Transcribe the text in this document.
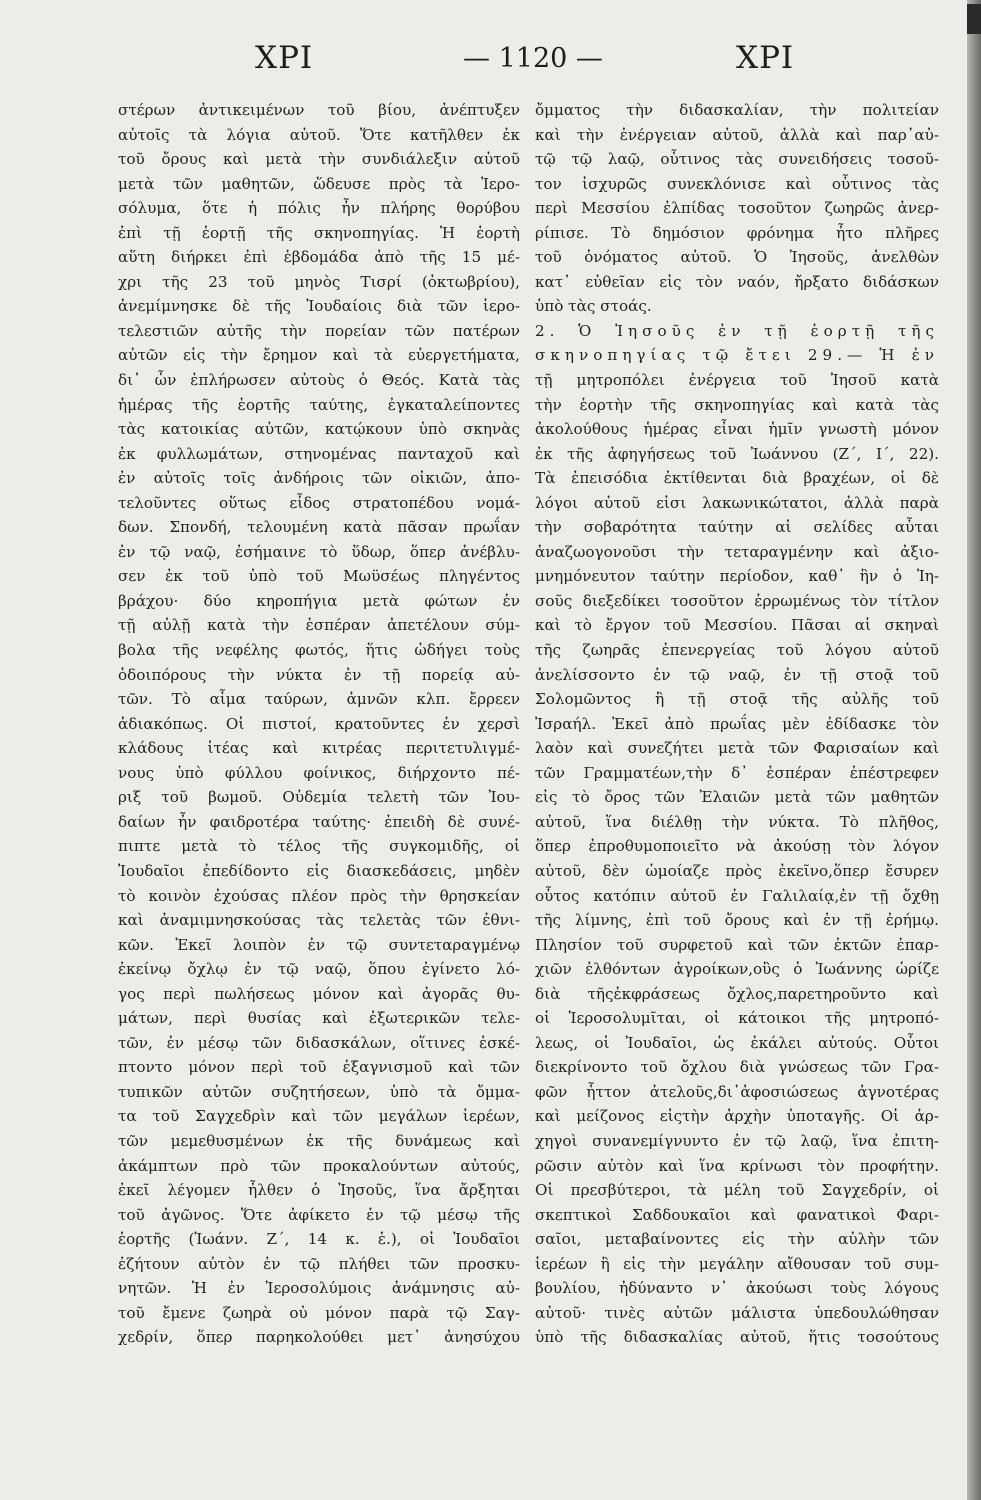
ΧΡΙ	— 1120 —	ΧΡΙ
στέρων ἀντικειμένων τοῦ βίου, ἀνέπτυξεν
αὐτοῖς τὰ λόγια αὐτοῦ. Ὅτε κατῆλθεν ἐκ
τοῦ ὄρους καὶ μετὰ τὴν συνδιάλεξιν αὐτοῦ
μετὰ τῶν μαθητῶν, ὥδευσε πρὸς τὰ Ἱερο-
σόλυμα, ὅτε ἡ πόλις ἦν πλήρης θορύβου
ἐπὶ τῇ ἑορτῇ τῆς σκηνοπηγίας. Ἡ ἑορτὴ
αὕτη διήρκει ἐπὶ ἑβδομάδα ἀπὸ τῆς 15 μέ-
χρι τῆς 23 τοῦ μηνὸς Τισρί (ὀκτωβρίου),
ἀνεμίμνησκε δὲ τῆς Ἰουδαίοις διὰ τῶν ἱερο-
τελεστιῶν αὐτῆς τὴν πορείαν τῶν πατέρων
αὐτῶν εἰς τὴν ἔρημον καὶ τὰ εὐεργετήματα,
δι᾿ ὧν ἐπλήρωσεν αὐτοὺς ὁ Θεός. Κατὰ τὰς
ἡμέρας τῆς ἑορτῆς ταύτης, ἐγκαταλείποντες
τὰς κατοικίας αὐτῶν, κατῴκουν ὑπὸ σκηνὰς
ἐκ φυλλωμάτων, στηνομένας πανταχοῦ καὶ
ἐν αὐτοῖς τοῖς ἀνδήροις τῶν οἰκιῶν, ἀπο-
τελοῦντες οὕτως εἶδος στρατοπέδου νομά-
δων. Σπονδή, τελουμένη κατὰ πᾶσαν πρωΐαν
ἐν τῷ ναῷ, ἐσήμαινε τὸ ὕδωρ, ὅπερ ἀνέβλυ-
σεν ἐκ τοῦ ὑπὸ τοῦ Μωϋσέως πληγέντος
βράχου· δύο κηροπήγια μετὰ φώτων ἐν
τῇ αὐλῇ κατὰ τὴν ἑσπέραν ἀπετέλουν σύμ-
βολα τῆς νεφέλης φωτός, ἥτις ὡδήγει τοὺς
ὁδοιπόρους τὴν νύκτα ἐν τῇ πορείᾳ αὐ-
τῶν. Τὸ αἷμα ταύρων, ἀμνῶν κλπ. ἔρρεεν
ἀδιακόπως. Οἱ πιστοί, κρατοῦντες ἐν χερσὶ
κλάδους ἰτέας καὶ κιτρέας περιτετυλιγμέ-
νους ὑπὸ φύλλου φοίνικος, διήρχοντο πέ-
ριξ τοῦ βωμοῦ. Οὐδεμία τελετὴ τῶν Ἰου-
δαίων ἦν φαιδροτέρα ταύτης· ἐπειδὴ δὲ συνέ-
πιπτε μετὰ τὸ τέλος τῆς συγκομιδῆς, οἱ
Ἰουδαῖοι ἐπεδίδοντο εἰς διασκεδάσεις, μηδὲν
τὸ κοινὸν ἐχούσας πλέον πρὸς τὴν θρησκείαν
καὶ ἀναμιμνησκούσας τὰς τελετὰς τῶν ἐθνι-
κῶν. Ἐκεῖ λοιπὸν ἐν τῷ συντεταραγμένῳ
ἐκείνῳ ὄχλῳ ἐν τῷ ναῷ, ὅπου ἐγίνετο λό-
γος περὶ πωλήσεως μόνον καὶ ἀγορᾶς θυ-
μάτων, περὶ θυσίας καὶ ἐξωτερικῶν τελε-
τῶν, ἐν μέσῳ τῶν διδασκάλων, οἵτινες ἐσκέ-
πτοντο μόνον περὶ τοῦ ἐξαγνισμοῦ καὶ τῶν
τυπικῶν αὐτῶν συζητήσεων, ὑπὸ τὰ ὄμμα-
τα τοῦ Σαγχεδρὶν καὶ τῶν μεγάλων ἱερέων,
τῶν μεμεθυσμένων ἐκ τῆς δυνάμεως καὶ
ἀκάμπτων πρὸ τῶν προκαλούντων αὐτούς,
ἐκεῖ λέγομεν ἦλθεν ὁ Ἰησοῦς, ἵνα ἄρξηται
τοῦ ἀγῶνος. Ὅτε ἀφίκετο ἐν τῷ μέσῳ τῆς
ἑορτῆς (Ἰωάνν. Ζ´, 14 κ. ἑ.), οἱ Ἰουδαῖοι
ἐζήτουν αὐτὸν ἐν τῷ πλήθει τῶν προσκυ-
νητῶν. Ἡ ἐν Ἱεροσολύμοις ἀνάμνησις αὐ-
τοῦ ἔμενε ζωηρὰ οὐ μόνον παρὰ τῷ Σαγ-
χεδρίν, ὅπερ παρηκολούθει μετ᾿ ἀνησύχου
ὄμματος τὴν διδασκαλίαν, τὴν πολιτείαν
καὶ τὴν ἐνέργειαν αὐτοῦ, ἀλλὰ καὶ παρ᾿αὐ-
τῷ τῷ λαῷ, οὗτινος τὰς συνειδήσεις τοσοῦ-
τον ἰσχυρῶς συνεκλόνισε καὶ οὗτινος τὰς
περὶ Μεσσίου ἐλπίδας τοσοῦτον ζωηρῶς ἀνερ-
ρίπισε. Τὸ δημόσιον φρόνημα ἦτο πλῆρες
τοῦ ὀνόματος αὐτοῦ. Ὁ Ἰησοῦς, ἀνελθὼν
κατ᾿ εὐθεῖαν εἰς τὸν ναόν, ἤρξατο διδάσκων
ὑπὸ τὰς στοάς.
2. Ὁ Ἰησοῦς ἐν τῇ ἑορτῇ τῆς
σκηνοπηγίας τῷ ἔτει 29.— Ἡ ἐν
τῇ μητροπόλει ἐνέργεια τοῦ Ἰησοῦ κατὰ
τὴν ἑορτὴν τῆς σκηνοπηγίας καὶ κατὰ τὰς
ἀκολούθους ἡμέρας εἶναι ἡμῖν γνωστὴ μόνον
ἐκ τῆς ἀφηγήσεως τοῦ Ἰωάννου (Ζ´, Ι´, 22).
Τὰ ἐπεισόδια ἐκτίθενται διὰ βραχέων, οἱ δὲ
λόγοι αὐτοῦ εἰσι λακωνικώτατοι, ἀλλὰ παρὰ
τὴν σοβαρότητα ταύτην αἱ σελίδες αὗται
ἀναζωογονοῦσι τὴν τεταραγμένην καὶ ἀξιο-
μνημόνευτον ταύτην περίοδον, καθ᾿ ἣν ὁ Ἰη-
σοῦς διεξεδίκει τοσοῦτον ἐρρωμένως τὸν τίτλον
καὶ τὸ ἔργον τοῦ Μεσσίου. Πᾶσαι αἱ σκηναὶ
τῆς ζωηρᾶς ἐπενεργείας τοῦ λόγου αὐτοῦ
ἀνελίσσοντο ἐν τῷ ναῷ, ἐν τῇ στοᾷ τοῦ
Σολομῶντος ἢ τῇ στοᾷ τῆς αὐλῆς τοῦ
Ἰσραήλ. Ἐκεῖ ἀπὸ πρωΐας μὲν ἐδίδασκε τὸν
λαὸν καὶ συνεζήτει μετὰ τῶν Φαρισαίων καὶ
τῶν Γραμματέων,τὴν δ᾿ ἑσπέραν ἐπέστρεφεν
εἰς τὸ ὄρος τῶν Ἐλαιῶν μετὰ τῶν μαθητῶν
αὐτοῦ, ἵνα διέλθῃ τὴν νύκτα. Τὸ πλῆθος,
ὅπερ ἐπροθυμοποιεῖτο νὰ ἀκούσῃ τὸν λόγον
αὐτοῦ, δὲν ὡμοίαζε πρὸς ἐκεῖνο,ὅπερ ἔσυρεν
οὗτος κατόπιν αὐτοῦ ἐν Γαλιλαίᾳ,ἐν τῇ ὄχθῃ
τῆς λίμνης, ἐπὶ τοῦ ὄρους καὶ ἐν τῇ ἐρήμῳ.
Πλησίον τοῦ συρφετοῦ καὶ τῶν ἐκτῶν ἐπαρ-
χιῶν ἐλθόντων ἀγροίκων,οὓς ὁ Ἰωάννης ὡρίζε
διὰ τῆςἐκφράσεως ὄχλος,παρετηροῦντο καὶ
οἱ Ἱεροσολυμῖται, οἱ κάτοικοι τῆς μητροπό-
λεως, οἱ Ἰουδαῖοι, ὡς ἐκάλει αὐτούς. Οὗτοι
διεκρίνοντο τοῦ ὄχλου διὰ γνώσεως τῶν Γρα-
φῶν ἧττον ἀτελοῦς,δι᾿ἀφοσιώσεως ἀγνοτέρας
καὶ μείζονος εἰςτὴν ἀρχὴν ὑποταγῆς. Οἱ ἀρ-
χηγοὶ συνανεμίγνυντο ἐν τῷ λαῷ, ἵνα ἐπιτη-
ρῶσιν αὐτὸν καὶ ἵνα κρίνωσι τὸν προφήτην.
Οἱ πρεσβύτεροι, τὰ μέλη τοῦ Σαγχεδρίν, οἱ
σκεπτικοὶ Σαδδουκαῖοι καὶ φανατικοὶ Φαρι-
σαῖοι, μεταβαίνοντες εἰς τὴν αὐλὴν τῶν
ἱερέων ἢ εἰς τὴν μεγάλην αἴθουσαν τοῦ συμ-
βουλίου, ἠδύναντο ν᾿ ἀκούωσι τοὺς λόγους
αὐτοῦ· τινὲς αὐτῶν μάλιστα ὑπεδουλώθησαν
ὑπὸ τῆς διδασκαλίας αὐτοῦ, ἥτις τοσούτους
